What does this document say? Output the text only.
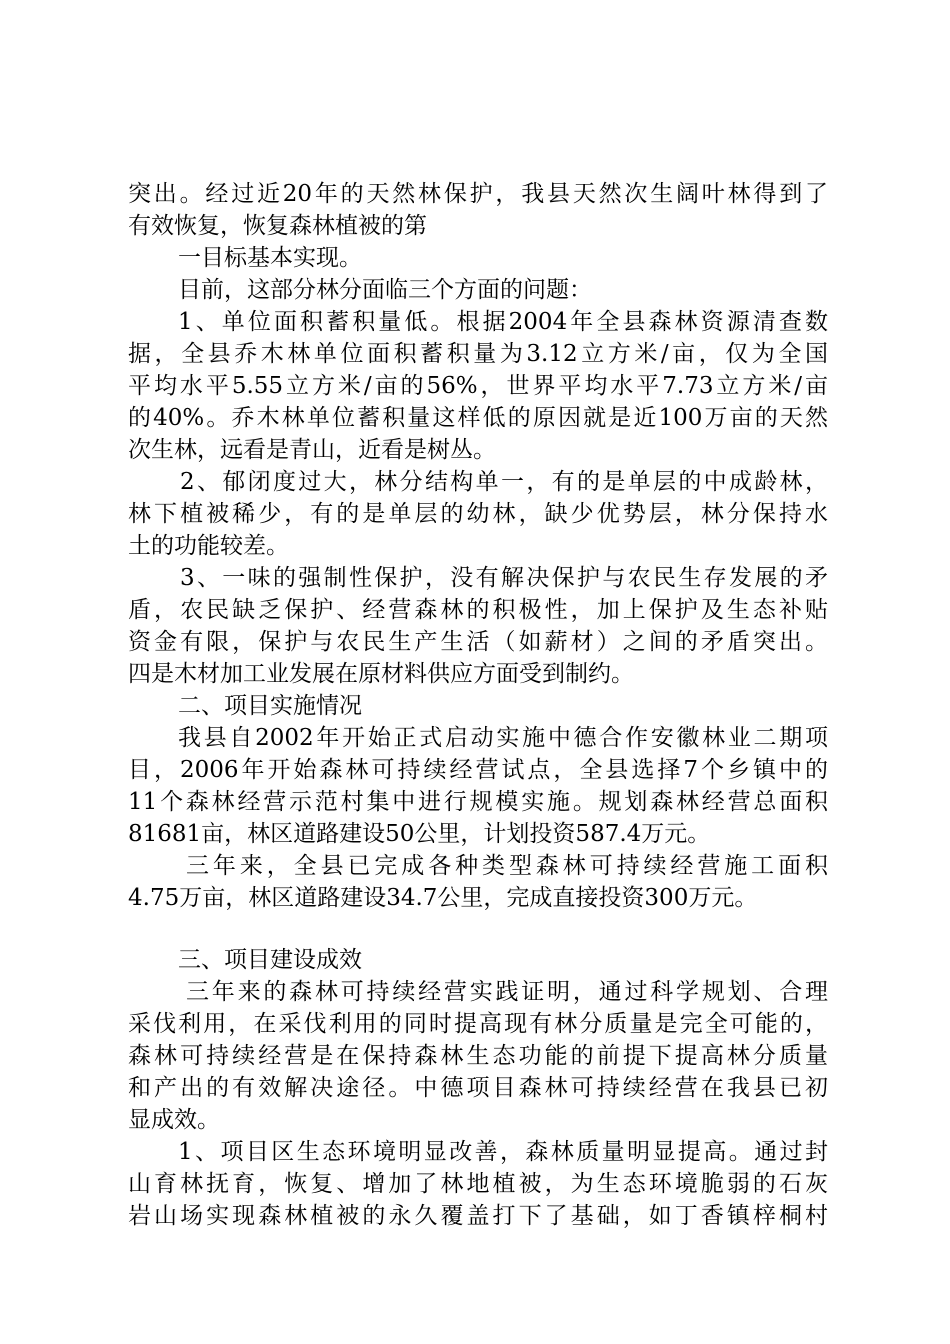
突出。经过近20年的天然林保护，我县天然次生阔叶林得到了
有效恢复，恢复森林植被的第
一目标基本实现。
目前，这部分林分面临三个方面的问题：
1、单位面积蓄积量低。根据2004年全县森林资源清查数
据，全县乔木林单位面积蓄积量为3.12立方米/亩，仅为全国
平均水平5.55立方米/亩的56%，世界平均水平7.73立方米/亩
的40%。乔木林单位蓄积量这样低的原因就是近100万亩的天然
次生林，远看是青山，近看是树丛。
2、郁闭度过大，林分结构单一，有的是单层的中成龄林，
林下植被稀少，有的是单层的幼林，缺少优势层，林分保持水
土的功能较差。
3、一味的强制性保护，没有解决保护与农民生存发展的矛
盾，农民缺乏保护、经营森林的积极性，加上保护及生态补贴
资金有限，保护与农民生产生活（如薪材）之间的矛盾突出。
四是木材加工业发展在原材料供应方面受到制约。
二、项目实施情况
我县自2002年开始正式启动实施中德合作安徽林业二期项
目，2006年开始森林可持续经营试点，全县选择7个乡镇中的
11个森林经营示范村集中进行规模实施。规划森林经营总面积
81681亩，林区道路建设50公里，计划投资587.4万元。
三年来，全县已完成各种类型森林可持续经营施工面积
4.75万亩，林区道路建设34.7公里，完成直接投资300万元。
三、项目建设成效
三年来的森林可持续经营实践证明，通过科学规划、合理
采伐利用，在采伐利用的同时提高现有林分质量是完全可能的，
森林可持续经营是在保持森林生态功能的前提下提高林分质量
和产出的有效解决途径。中德项目森林可持续经营在我县已初
显成效。
1、项目区生态环境明显改善，森林质量明显提高。通过封
山育林抚育，恢复、增加了林地植被，为生态环境脆弱的石灰
岩山场实现森林植被的永久覆盖打下了基础，如丁香镇梓桐村
